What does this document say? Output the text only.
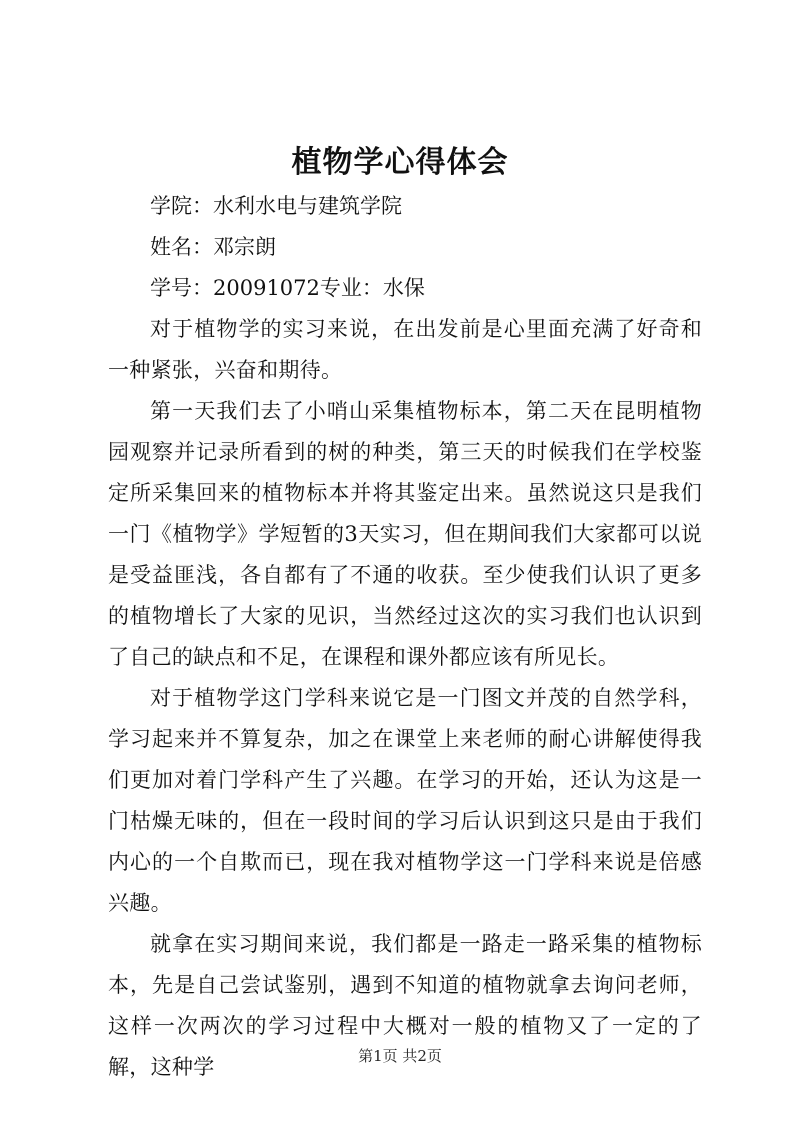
植物学心得体会

学院：水利水电与建筑学院

姓名：邓宗朗

学号：20091072专业：水保

对于植物学的实习来说，在出发前是心里面充满了好奇和一种紧张，兴奋和期待。

第一天我们去了小哨山采集植物标本，第二天在昆明植物园观察并记录所看到的树的种类，第三天的时候我们在学校鉴定所采集回来的植物标本并将其鉴定出来。虽然说这只是我们一门《植物学》学短暂的3天实习，但在期间我们大家都可以说是受益匪浅，各自都有了不通的收获。至少使我们认识了更多的植物增长了大家的见识，当然经过这次的实习我们也认识到了自己的缺点和不足，在课程和课外都应该有所见长。

对于植物学这门学科来说它是一门图文并茂的自然学科，学习起来并不算复杂，加之在课堂上来老师的耐心讲解使得我们更加对着门学科产生了兴趣。在学习的开始，还认为这是一门枯燥无味的，但在一段时间的学习后认识到这只是由于我们内心的一个自欺而已，现在我对植物学这一门学科来说是倍感兴趣。

就拿在实习期间来说，我们都是一路走一路采集的植物标本，先是自己尝试鉴别，遇到不知道的植物就拿去询问老师，这样一次两次的学习过程中大概对一般的植物又了一定的了解，这种学	第1页 共2页
